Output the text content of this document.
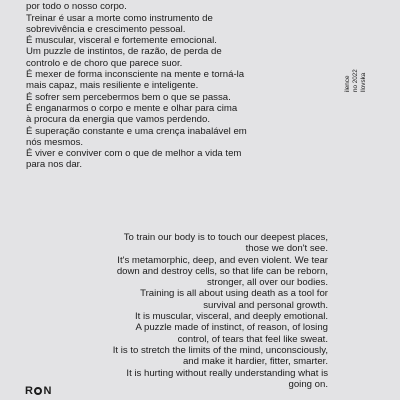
por todo o nosso corpo.
Treinar é usar a morte como instrumento de
sobrevivência e crescimento pessoal.
É muscular, visceral e fortemente emocional.
Um puzzle de instintos, de razão, de perda de
controlo e de choro que parece suor.
É mexer de forma inconsciente na mente e torná-la
mais capaz, mais resiliente e inteligente.
É sofrer sem percebermos bem o que se passa.
É enganarmos o corpo e mente e olhar para cima
à procura da energia que vamos perdendo.
É superação constante e uma crença inabalável em
nós mesmos.
É viver e conviver com o que de melhor a vida tem
para nos dar.
ilence no 2022 llovska
To train our body is to touch our deepest places,
those we don't see.
It's metamorphic, deep, and even violent. We tear
down and destroy cells, so that life can be reborn,
stronger, all over our bodies.
Training is all about using death as a tool for
survival and personal growth.
It is muscular, visceral, and deeply emotional.
A puzzle made of instinct, of reason, of losing
control, of tears that feel like sweat.
It is to stretch the limits of the mind, unconsciously,
and make it hardier, fitter, smarter.
It is hurting without really understanding what is
going on.
R N
